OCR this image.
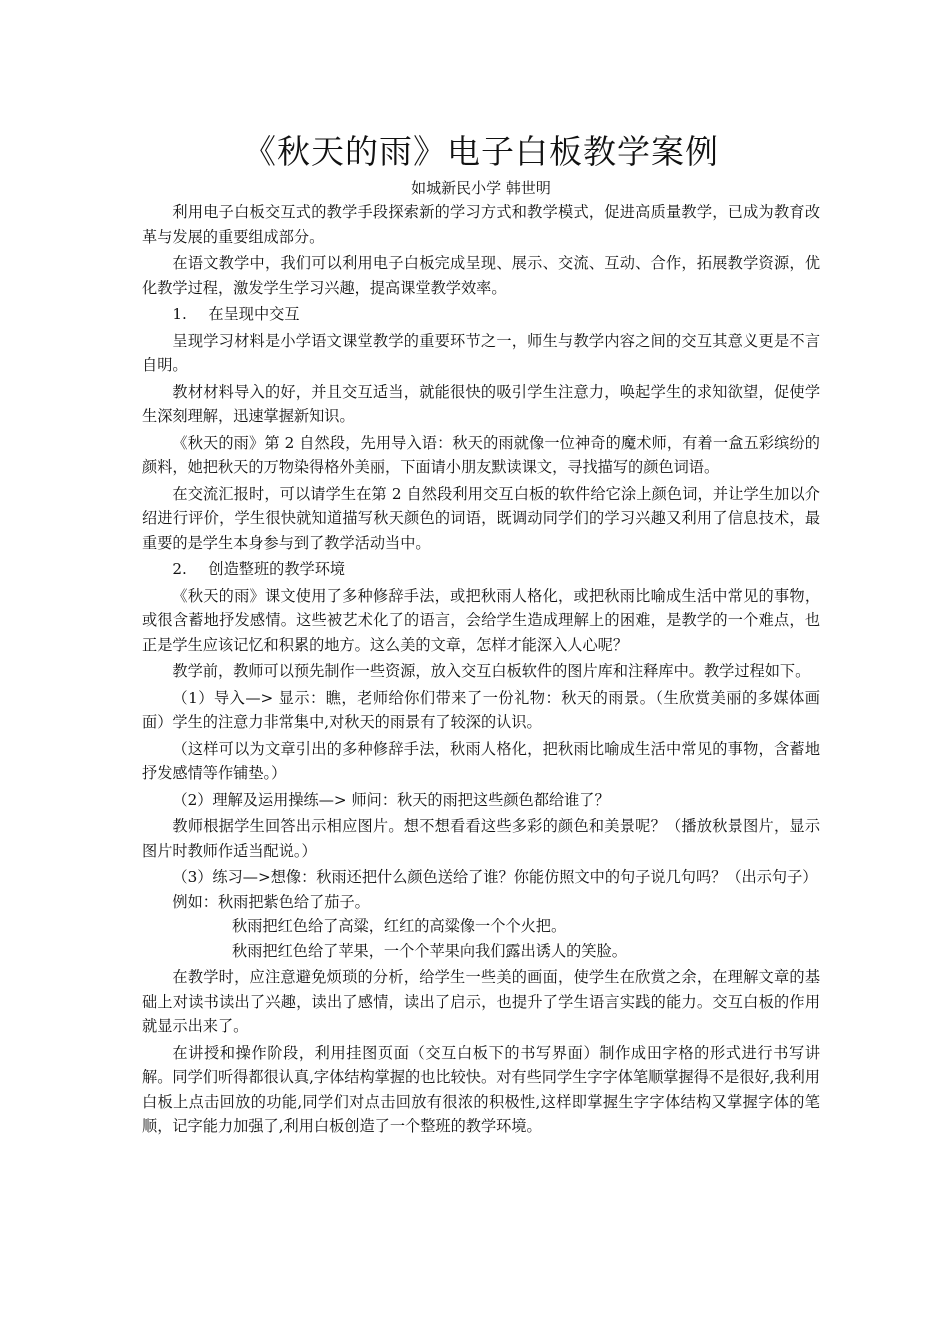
《秋天的雨》电子白板教学案例

如城新民小学 韩世明

利用电子白板交互式的教学手段探索新的学习方式和教学模式，促进高质量教学，已成为教育改革与发展的重要组成部分。

在语文教学中，我们可以利用电子白板完成呈现、展示、交流、互动、合作，拓展教学资源，优化教学过程，激发学生学习兴趣，提高课堂教学效率。

1. 在呈现中交互

呈现学习材料是小学语文课堂教学的重要环节之一，师生与教学内容之间的交互其意义更是不言自明。

教材材料导入的好，并且交互适当，就能很快的吸引学生注意力，唤起学生的求知欲望，促使学生深刻理解，迅速掌握新知识。

《秋天的雨》第 2 自然段，先用导入语：秋天的雨就像一位神奇的魔术师，有着一盒五彩缤纷的颜料，她把秋天的万物染得格外美丽，下面请小朋友默读课文，寻找描写的颜色词语。

在交流汇报时，可以请学生在第 2 自然段利用交互白板的软件给它涂上颜色词，并让学生加以介绍进行评价，学生很快就知道描写秋天颜色的词语，既调动同学们的学习兴趣又利用了信息技术，最重要的是学生本身参与到了教学活动当中。

2. 创造整班的教学环境

《秋天的雨》课文使用了多种修辞手法，或把秋雨人格化，或把秋雨比喻成生活中常见的事物，或很含蓄地抒发感情。这些被艺术化了的语言，会给学生造成理解上的困难，是教学的一个难点，也正是学生应该记忆和积累的地方。这么美的文章，怎样才能深入人心呢？

教学前，教师可以预先制作一些资源，放入交互白板软件的图片库和注释库中。教学过程如下。

（1）导入—> 显示：瞧，老师给你们带来了一份礼物：秋天的雨景。（生欣赏美丽的多媒体画面）学生的注意力非常集中,对秋天的雨景有了较深的认识。

（这样可以为文章引出的多种修辞手法，秋雨人格化，把秋雨比喻成生活中常见的事物，含蓄地抒发感情等作铺垫。）

（2）理解及运用操练—> 师问：秋天的雨把这些颜色都给谁了？

教师根据学生回答出示相应图片。想不想看看这些多彩的颜色和美景呢？（播放秋景图片，显示图片时教师作适当配说。）

（3）练习—>想像：秋雨还把什么颜色送给了谁？你能仿照文中的句子说几句吗？（出示句子）

例如：秋雨把紫色给了茄子。

秋雨把红色给了高粱，红红的高粱像一个个火把。

秋雨把红色给了苹果，一个个苹果向我们露出诱人的笑脸。

在教学时，应注意避免烦琐的分析，给学生一些美的画面，使学生在欣赏之余，在理解文章的基础上对读书读出了兴趣，读出了感情，读出了启示，也提升了学生语言实践的能力。交互白板的作用就显示出来了。

在讲授和操作阶段，利用挂图页面（交互白板下的书写界面）制作成田字格的形式进行书写讲解。同学们听得都很认真,字体结构掌握的也比较快。对有些同学生字字体笔顺掌握得不是很好,我利用白板上点击回放的功能,同学们对点击回放有很浓的积极性,这样即掌握生字字体结构又掌握字体的笔顺，记字能力加强了,利用白板创造了一个整班的教学环境。
